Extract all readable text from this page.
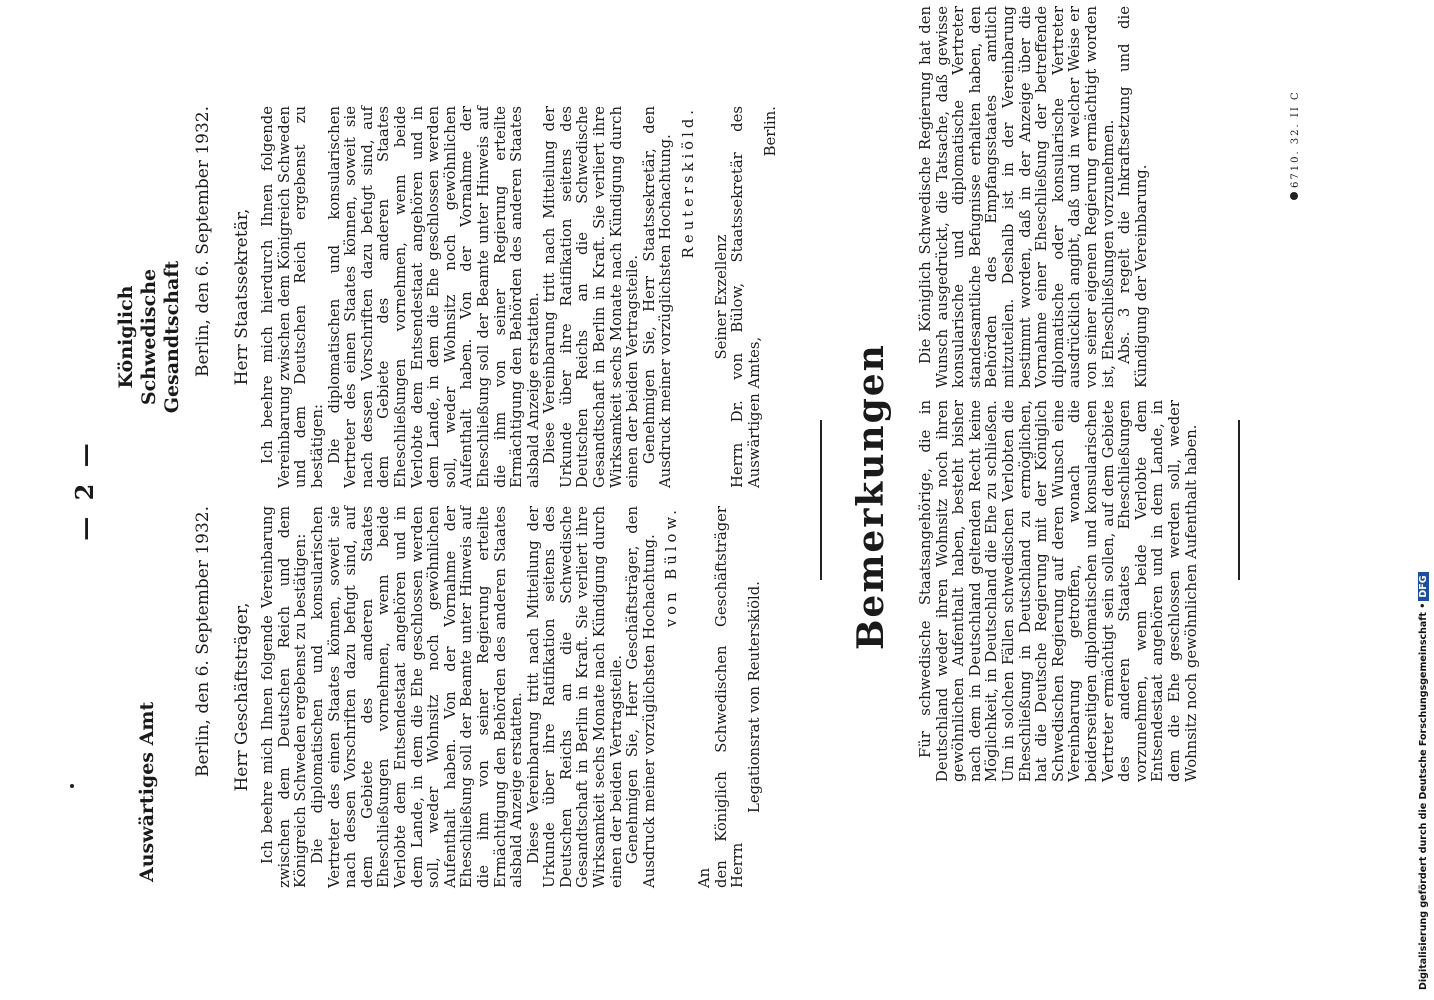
— 2 —
Auswärtiges Amt
Königlich Schwedische Gesandtschaft
Berlin, den 6. September 1932. Herr Geschäftsträger, Ich beehre mich Ihnen folgende Vereinbarung zwischen dem Deutschen Reich und dem Königreich Schweden ergebenst zu bestätigen: Die diplomatischen und konsularischen Vertreter des einen Staates können, soweit sie nach dessen Vorschriften dazu befugt sind, auf dem Gebiete des anderen Staates Eheschließungen vornehmen, wenn beide Verlobte dem Entsendestaat angehören und in dem Lande, in dem die Ehe geschlossen werden soll, weder Wohnsitz noch gewöhnlichen Aufenthalt haben. Von der Vornahme der Eheschließung soll der Beamte unter Hinweis auf die ihm von seiner Regierung erteilte Ermächtigung den Behörden des anderen Staates alsbald Anzeige erstatten. Diese Vereinbarung tritt nach Mitteilung der Urkunde über ihre Ratifikation seitens des Deutschen Reichs an die Schwedische Gesandtschaft in Berlin in Kraft. Sie verliert ihre Wirksamkeit sechs Monate nach Kündigung durch einen der beiden Vertragsteile. Genehmigen Sie, Herr Geschäftsträger, den Ausdruck meiner vorzüglichsten Hochachtung. von Bülow.
An den Königlich Schwedischen Geschäftsträger Herrn
Legationsrat von Reuterskiöld.
Berlin, den 6. September 1932. Herr Staatssekretär, Ich beehre mich hierdurch Ihnen folgende Vereinbarung zwischen dem Königreich Schweden und dem Deutschen Reich ergebenst zu bestätigen: Die diplomatischen und konsularischen Vertreter des einen Staates können, soweit sie nach dessen Vorschriften dazu befugt sind, auf dem Gebiete des anderen Staates Eheschließungen vornehmen, wenn beide Verlobte dem Entsendestaat angehören und in dem Lande, in dem die Ehe geschlossen werden soll, weder Wohnsitz noch gewöhnlichen Aufenthalt haben. Von der Vornahme der Eheschließung soll der Beamte unter Hinweis auf die ihm von seiner Regierung erteilte Ermächtigung den Behörden des anderen Staates alsbald Anzeige erstatten. Diese Vereinbarung tritt nach Mitteilung der Urkunde über ihre Ratifikation seitens des Deutschen Reichs an die Schwedische Gesandtschaft in Berlin in Kraft. Sie verliert ihre Wirksamkeit sechs Monate nach Kündigung durch einen der beiden Vertragsteile. Genehmigen Sie, Herr Staatssekretär, den Ausdruck meiner vorzüglichsten Hochachtung. Reuterskiöld.
Seiner Exzellenz Herrn Dr. von Bülow, Staatssekretär des Auswärtigen Amtes,
Berlin.
Bemerkungen Für schwedische Staatsangehörige, die in Deutschland weder ihren Wohnsitz noch ihren gewöhnlichen Aufenthalt haben, besteht bisher nach dem in Deutschland geltenden Recht keine Möglichkeit, in Deutschland die Ehe zu schließen. Um in solchen Fällen schwedischen Verlobten die Eheschließung in Deutschland zu ermöglichen, hat die Deutsche Regierung mit der Königlich Schwedischen Regierung auf deren Wunsch eine Vereinbarung getroffen, wonach die beiderseitigen diplomatischen und konsularischen Vertreter ermächtigt sein sollen, auf dem Gebiete des anderen Staates Eheschließungen vorzunehmen, wenn beide Verlobte dem Entsendestaat angehören und in dem Lande, in dem die Ehe geschlossen werden soll, weder Wohnsitz noch gewöhnlichen Aufenthalt haben.

Die Königlich Schwedische Regierung hat den Wunsch ausgedrückt, die Tatsache, daß gewisse konsularische und diplomatische Vertreter standesamtliche Befugnisse erhalten haben, den Behörden des Empfangsstaates amtlich mitzuteilen. Deshalb ist in der Vereinbarung bestimmt worden, daß in der Anzeige über die Vornahme einer Eheschließung der betreffende diplomatische oder konsularische Vertreter ausdrücklich angibt, daß und in welcher Weise er von seiner eigenen Regierung ermächtigt worden ist, Eheschließungen vorzunehmen. Abs. 3 regelt die Inkraftsetzung und die Kündigung der Vereinbarung.

6710. 32. II C
Digitalisierung gefördert durch die Deutsche Forschungsgemeinschaft •DFG
